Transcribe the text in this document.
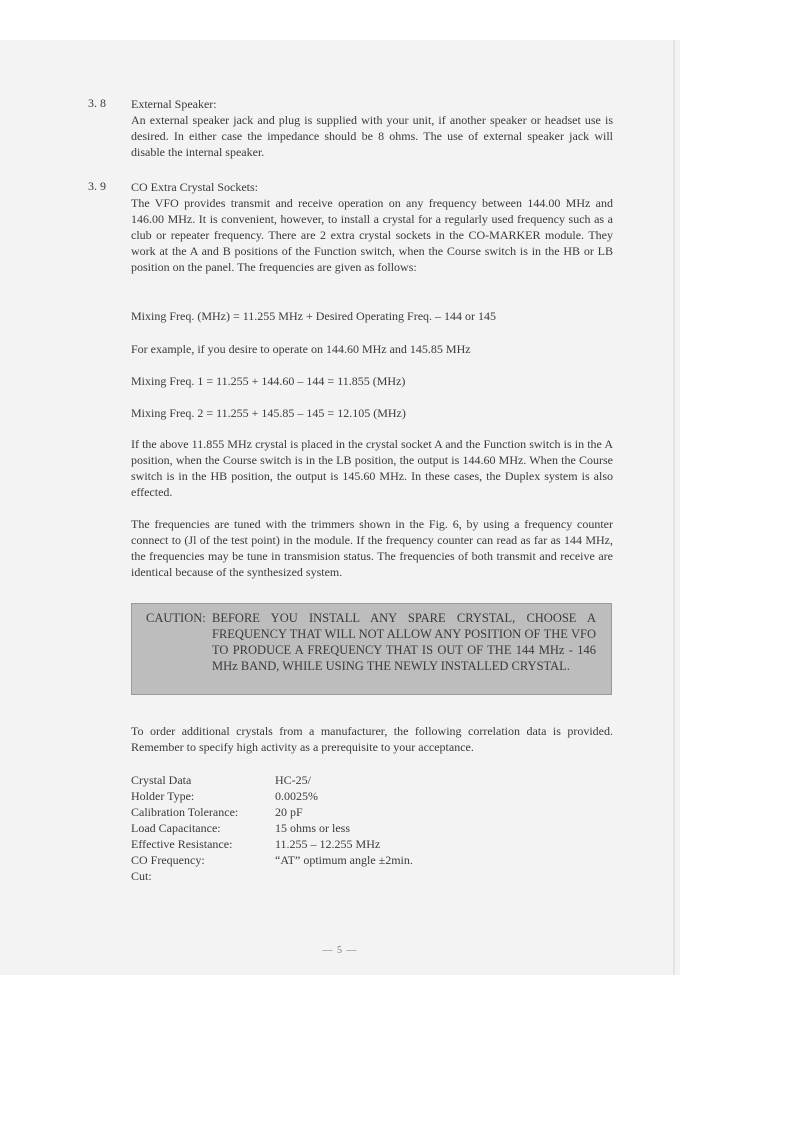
3. 8	External Speaker:

An external speaker jack and plug is supplied with your unit, if another speaker or headset use is desired. In either case the impedance should be 8 ohms. The use of external speaker jack will disable the internal speaker.

3. 9	CO Extra Crystal Sockets:

The VFO provides transmit and receive operation on any frequency between 144.00 MHz and 146.00 MHz. It is convenient, however, to install a crystal for a regularly used frequency such as a club or repeater frequency. There are 2 extra crystal sockets in the CO-MARKER module. They work at the A and B positions of the Function switch, when the Course switch is in the HB or LB position on the panel. The frequencies are given as follows:

Mixing Freq. (MHz) = 11.255 MHz + Desired Operating Freq. – 144 or 145
For example, if you desire to operate on 144.60 MHz and 145.85 MHz
Mixing Freq. 1 = 11.255 + 144.60 – 144 = 11.855 (MHz)
Mixing Freq. 2 = 11.255 + 145.85 – 145 = 12.105 (MHz)

If the above 11.855 MHz crystal is placed in the crystal socket A and the Function switch is in the A position, when the Course switch is in the LB position, the output is 144.60 MHz. When the Course switch is in the HB position, the output is 145.60 MHz. In these cases, the Duplex system is also effected.

The frequencies are tuned with the trimmers shown in the Fig. 6, by using a frequency counter connect to (Jl of the test point) in the module. If the frequency counter can read as far as 144 MHz, the frequencies may be tune in transmision status. The frequencies of both transmit and receive are identical because of the synthesized system.

CAUTION: BEFORE YOU INSTALL ANY SPARE CRYSTAL, CHOOSE A FREQUENCY THAT WILL NOT ALLOW ANY POSITION OF THE VFO TO PRODUCE A FREQUENCY THAT IS OUT OF THE 144 MHz - 146 MHz BAND, WHILE USING THE NEWLY INSTALLED CRYSTAL.

To order additional crystals from a manufacturer, the following correlation data is provided. Remember to specify high activity as a prerequisite to your acceptance.

Crystal Data	HC-25/
Holder Type:	0.0025%
Calibration Tolerance:	20 pF
Load Capacitance:	15 ohms or less
Effective Resistance:	11.255 – 12.255 MHz
CO Frequency:	“AT” optimum angle ±2min.
Cut:
— 5 —
